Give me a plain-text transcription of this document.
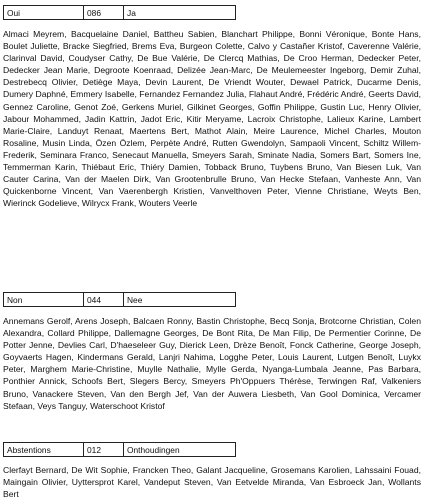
Oui	086	Ja

Almaci Meyrem, Bacquelaine Daniel, Battheu Sabien, Blanchart Philippe, Bonni Véronique, Bonte Hans, Boulet Juliette, Bracke Siegfried, Brems Eva, Burgeon Colette, Calvo y Castañer Kristof, Caverenne Valérie, Clarinval David, Coudyser Cathy, De Bue Valérie, De Clercq Mathias, De Croo Herman, Dedecker Peter, Dedecker Jean Marie, Degroote Koenraad, Delizée Jean-Marc, De Meulemeester Ingeborg, Demir Zuhal, Destrebecq Olivier, Detiège Maya, Devin Laurent, De Vriendt Wouter, Dewael Patrick, Ducarme Denis, Dumery Daphné, Emmery Isabelle, Fernandez Fernandez Julia, Flahaut André, Frédéric André, Geerts David, Gennez Caroline, Genot Zoé, Gerkens Muriel, Gilkinet Georges, Goffin Philippe, Gustin Luc, Henry Olivier, Jabour Mohammed, Jadin Kattrin, Jadot Eric, Kitir Meryame, Lacroix Christophe, Lalieux Karine, Lambert Marie-Claire, Landuyt Renaat, Maertens Bert, Mathot Alain, Meire Laurence, Michel Charles, Mouton Rosaline, Musin Linda, Özen Özlem, Perpète André, Rutten Gwendolyn, Sampaoli Vincent, Schiltz Willem-Frederik, Seminara Franco, Senecaut Manuella, Smeyers Sarah, Sminate Nadia, Somers Bart, Somers Ine, Temmerman Karin, Thiébaut Eric, Thiéry Damien, Tobback Bruno, Tuybens Bruno, Van Biesen Luk, Van Cauter Carina, Van der Maelen Dirk, Van Grootenbrulle Bruno, Van Hecke Stefaan, Vanheste Ann, Van Quickenborne Vincent, Van Vaerenbergh Kristien, Vanvelthoven Peter, Vienne Christiane, Weyts Ben, Wierinck Godelieve, Wilrycx Frank, Wouters Veerle

Non	044	Nee

Annemans Gerolf, Arens Joseph, Balcaen Ronny, Bastin Christophe, Becq Sonja, Brotcorne Christian, Colen Alexandra, Collard Philippe, Dallemagne Georges, De Bont Rita, De Man Filip, De Permentier Corinne, De Potter Jenne, Devlies Carl, D'haeseleer Guy, Dierick Leen, Drèze Benoît, Fonck Catherine, George Joseph, Goyvaerts Hagen, Kindermans Gerald, Lanjri Nahima, Logghe Peter, Louis Laurent, Lutgen Benoît, Luykx Peter, Marghem Marie-Christine, Muylle Nathalie, Mylle Gerda, Nyanga-Lumbala Jeanne, Pas Barbara, Ponthier Annick, Schoofs Bert, Slegers Bercy, Smeyers Ph'Oppuers Thérèse, Terwingen Raf, Valkeniers Bruno, Vanackere Steven, Van den Bergh Jef, Van der Auwera Liesbeth, Van Gool Dominica, Vercamer Stefaan, Veys Tanguy, Waterschoot Kristof

Abstentions	012	Onthoudingen

Clerfayt Bernard, De Wit Sophie, Francken Theo, Galant Jacqueline, Grosemans Karolien, Lahssaini Fouad, Maingain Olivier, Uyttersprot Karel, Vandeput Steven, Van Eetvelde Miranda, Van Esbroeck Jan, Wollants Bert
